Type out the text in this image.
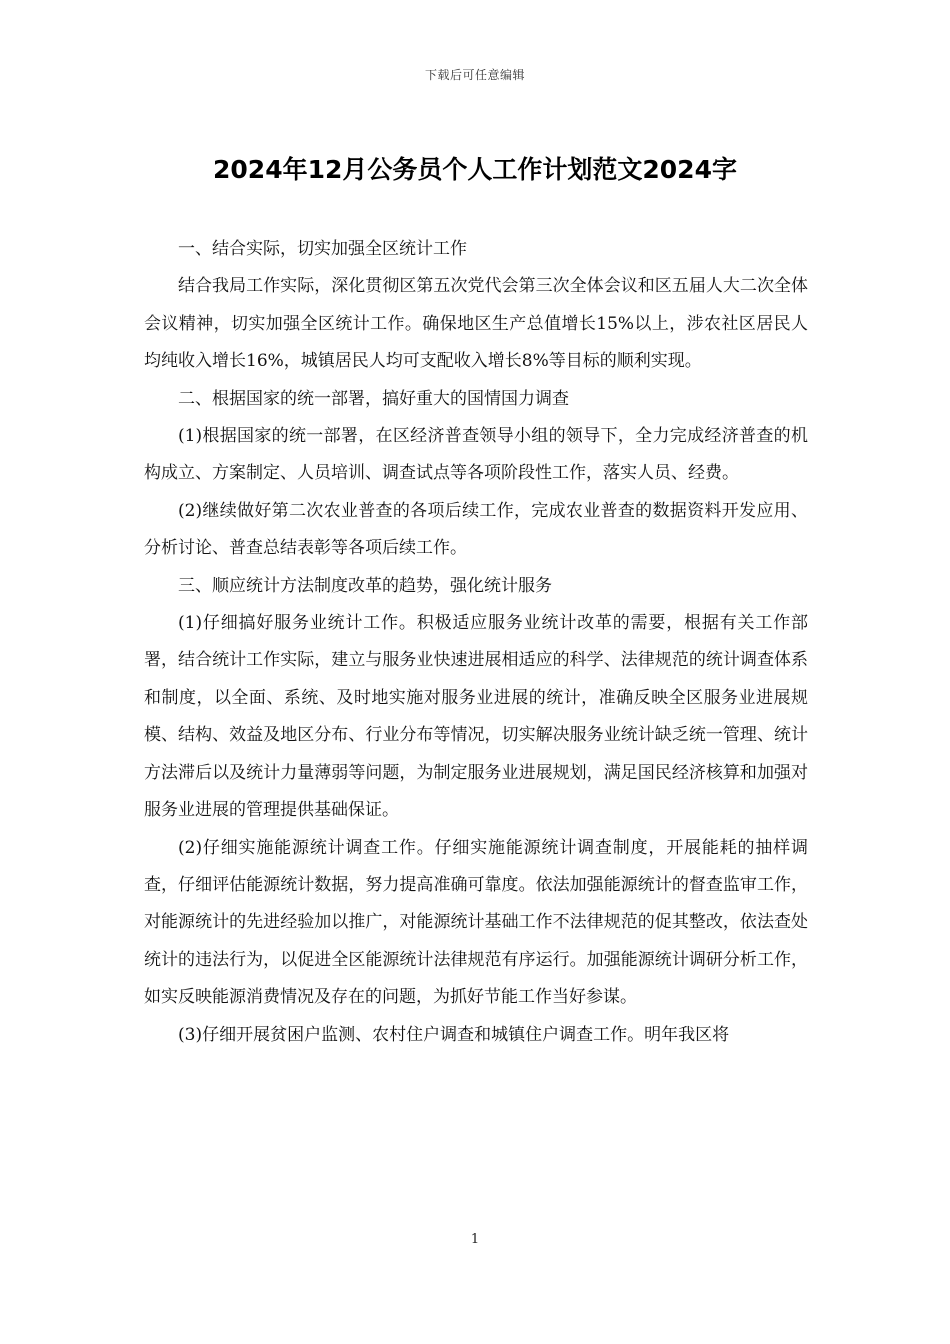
下载后可任意编辑
2024年12月公务员个人工作计划范文2024字

一、结合实际，切实加强全区统计工作

结合我局工作实际，深化贯彻区第五次党代会第三次全体会议和区五届人大二次全体会议精神，切实加强全区统计工作。确保地区生产总值增长15%以上，涉农社区居民人均纯收入增长16%，城镇居民人均可支配收入增长8%等目标的顺利实现。

二、根据国家的统一部署，搞好重大的国情国力调查

(1)根据国家的统一部署，在区经济普查领导小组的领导下，全力完成经济普查的机构成立、方案制定、人员培训、调查试点等各项阶段性工作，落实人员、经费。

(2)继续做好第二次农业普查的各项后续工作，完成农业普查的数据资料开发应用、分析讨论、普查总结表彰等各项后续工作。

三、顺应统计方法制度改革的趋势，强化统计服务

(1)仔细搞好服务业统计工作。积极适应服务业统计改革的需要，根据有关工作部署，结合统计工作实际，建立与服务业快速进展相适应的科学、法律规范的统计调查体系和制度，以全面、系统、及时地实施对服务业进展的统计，准确反映全区服务业进展规模、结构、效益及地区分布、行业分布等情况，切实解决服务业统计缺乏统一管理、统计方法滞后以及统计力量薄弱等问题，为制定服务业进展规划，满足国民经济核算和加强对服务业进展的管理提供基础保证。

(2)仔细实施能源统计调查工作。仔细实施能源统计调查制度，开展能耗的抽样调查，仔细评估能源统计数据，努力提高准确可靠度。依法加强能源统计的督查监审工作，对能源统计的先进经验加以推广，对能源统计基础工作不法律规范的促其整改，依法查处统计的违法行为，以促进全区能源统计法律规范有序运行。加强能源统计调研分析工作，如实反映能源消费情况及存在的问题，为抓好节能工作当好参谋。

(3)仔细开展贫困户监测、农村住户调查和城镇住户调查工作。明年我区将

1
